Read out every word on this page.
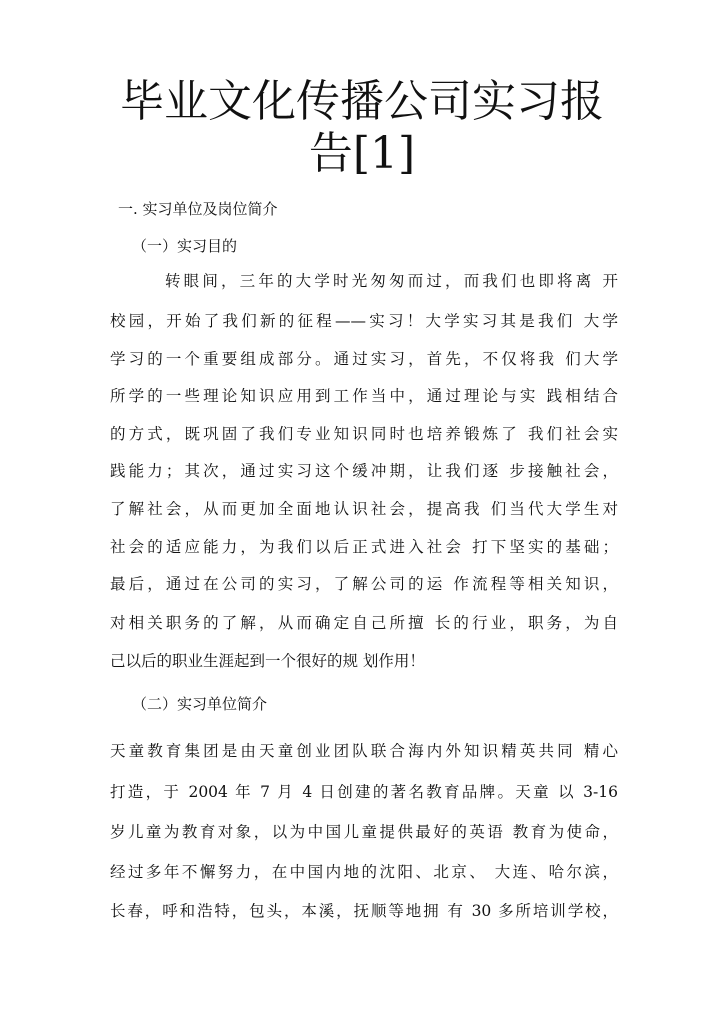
毕业文化传播公司实习报告[1]
一. 实习单位及岗位简介
（一）实习目的
转眼间，三年的大学时光匆匆而过，而我们也即将离 开
校园，开始了我们新的征程——实习！大学实习其是我们 大学
学习的一个重要组成部分。通过实习，首先，不仅将我 们大学
所学的一些理论知识应用到工作当中，通过理论与实 践相结合
的方式，既巩固了我们专业知识同时也培养锻炼了 我们社会实
践能力；其次，通过实习这个缓冲期，让我们逐 步接触社会，
了解社会，从而更加全面地认识社会，提高我 们当代大学生对
社会的适应能力，为我们以后正式进入社会 打下坚实的基础；
最后，通过在公司的实习，了解公司的运 作流程等相关知识，
对相关职务的了解，从而确定自己所擅 长的行业，职务，为自
己以后的职业生涯起到一个很好的规 划作用！
（二）实习单位简介
天童教育集团是由天童创业团队联合海内外知识精英共同 精心
打造，于 2004 年 7 月 4 日创建的著名教育品牌。天童 以 3-16
岁儿童为教育对象，以为中国儿童提供最好的英语 教育为使命，
经过多年不懈努力，在中国内地的沈阳、北京、 大连、哈尔滨，
长春，呼和浩特，包头，本溪，抚顺等地拥 有 30 多所培训学校，
